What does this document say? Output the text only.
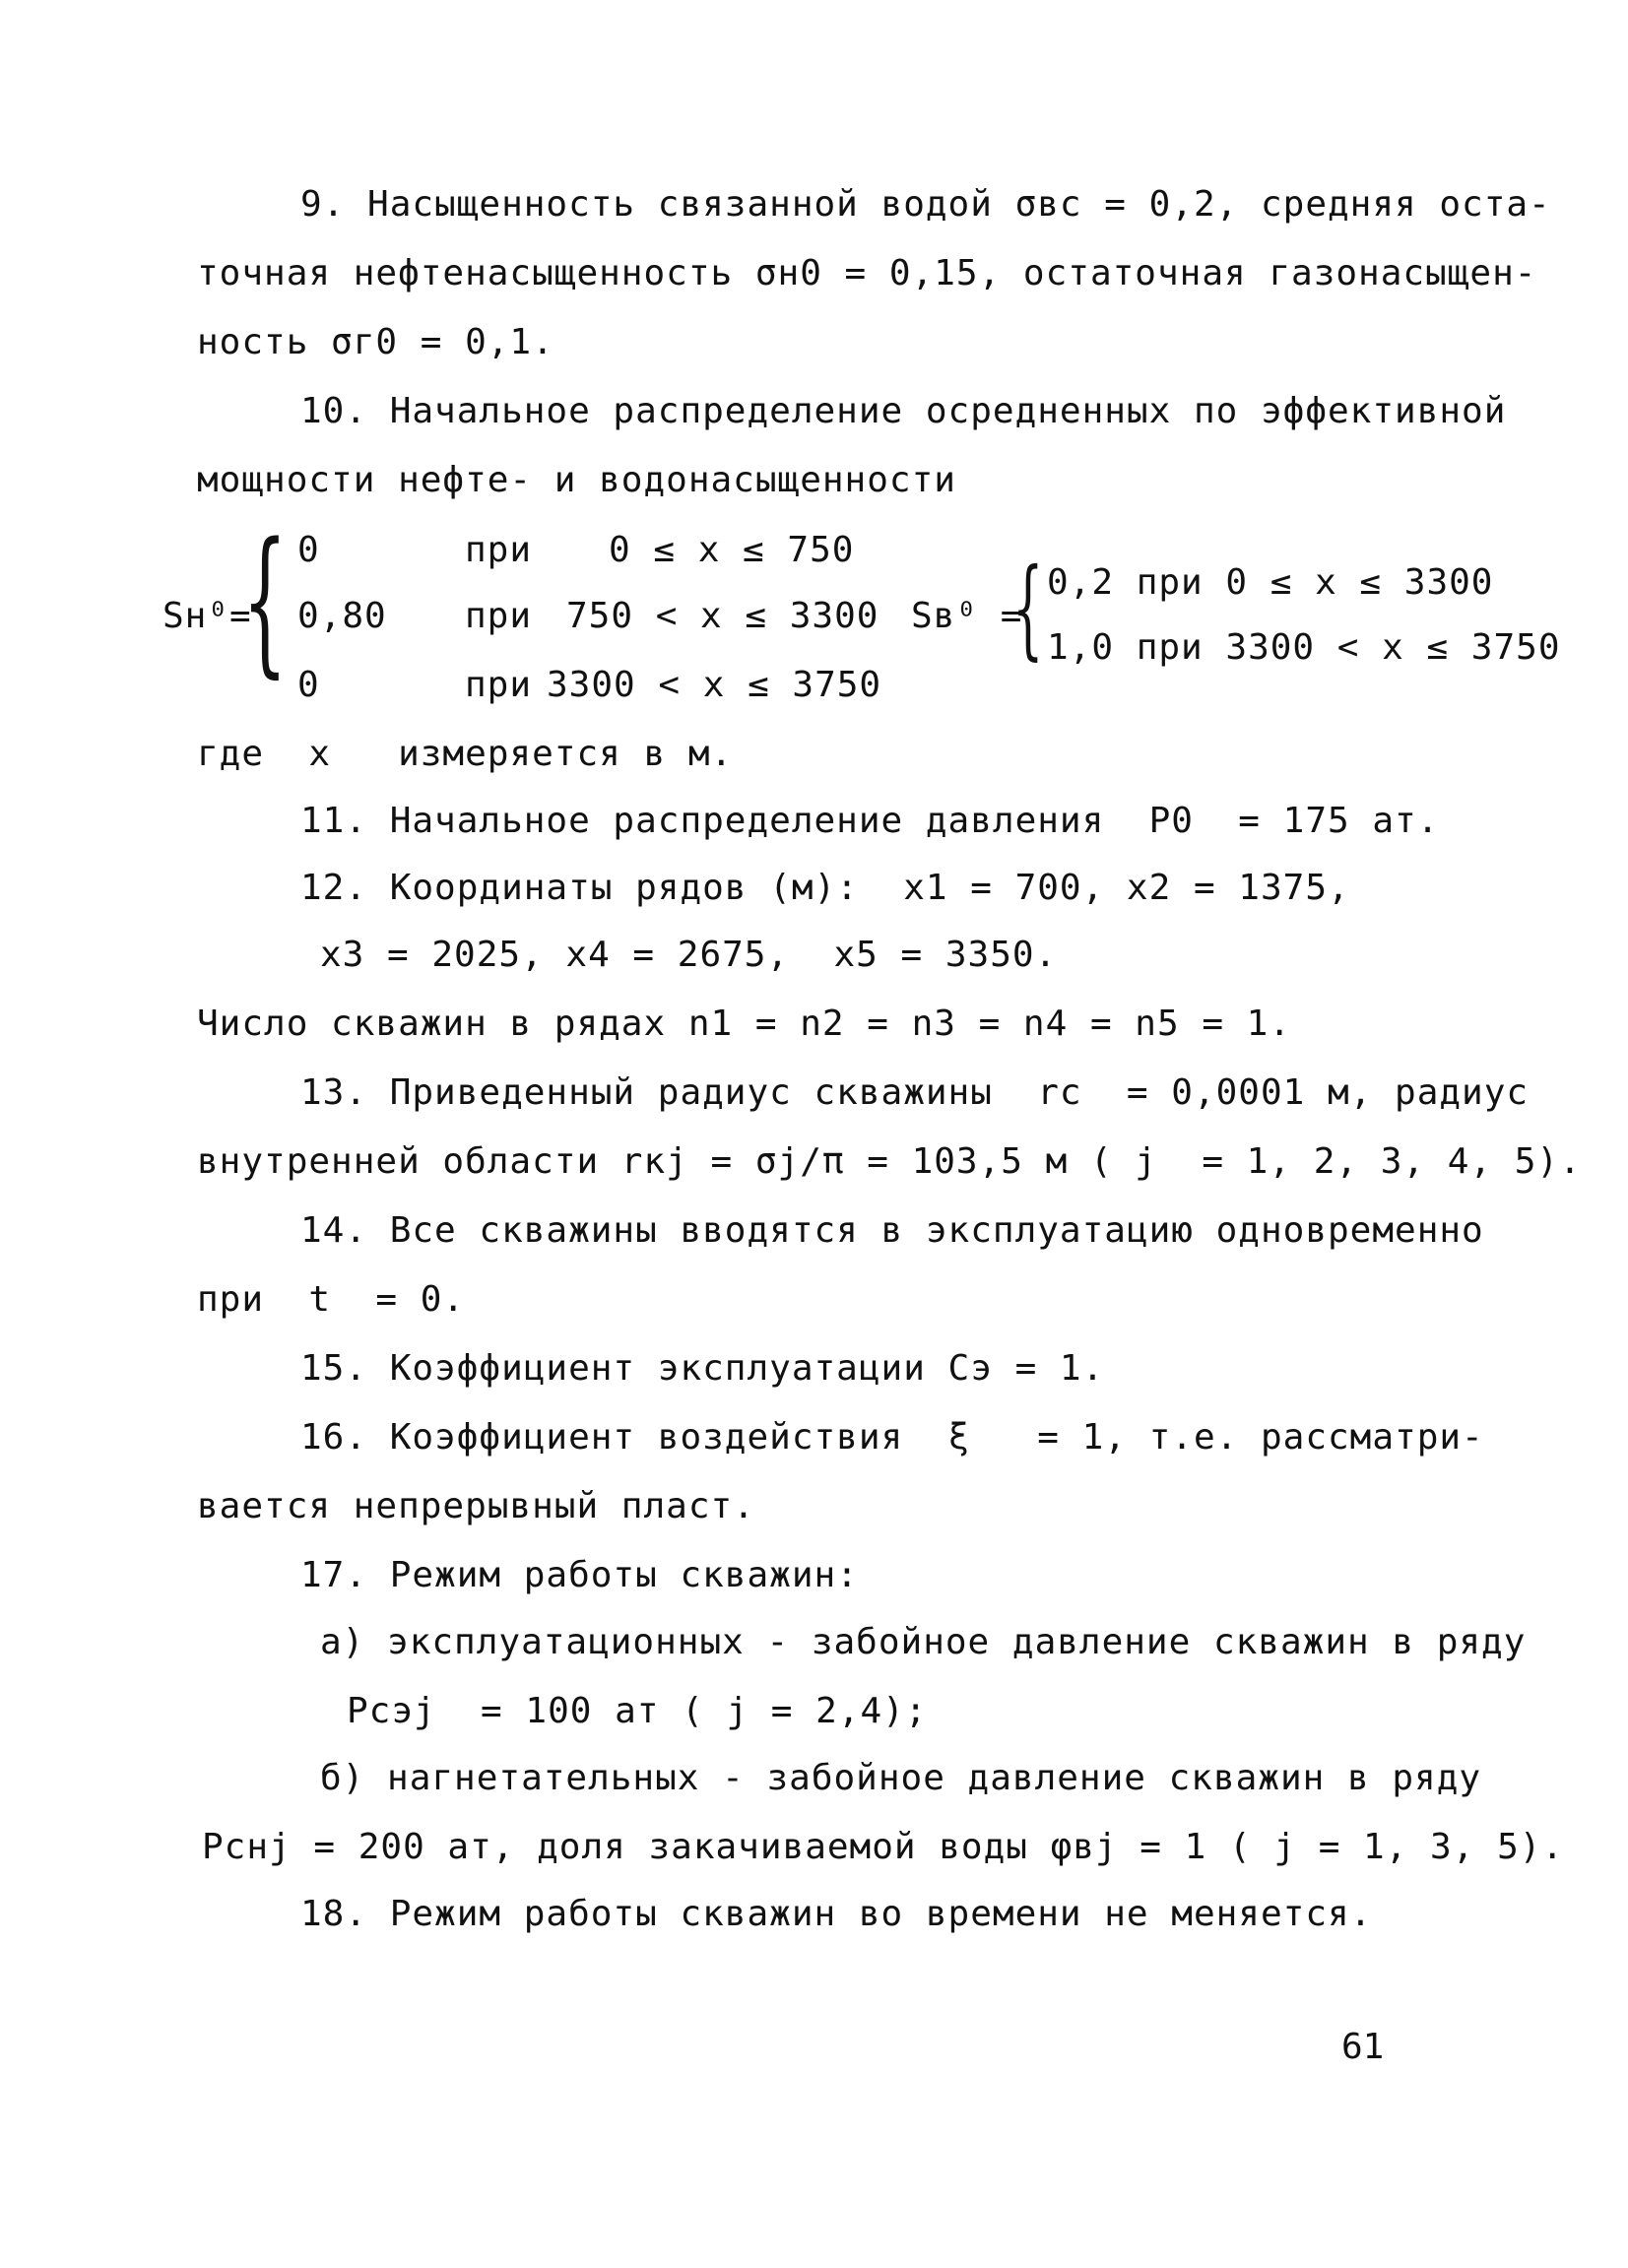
9. Насыщенность связанной водой σвс = 0,2, средняя оста-
точная нефтенасыщенность σн0 = 0,15, остаточная газонасыщен-
ность σг0 = 0,1.
10. Начальное распределение осредненных по эффективной
мощности нефте- и водонасыщенности
Sн⁰=
{ 0	при 0 ≤ x ≤ 750
0,80 при 750 < x ≤ 3300
0	при 3300 < x ≤ 3750
Sв⁰ =
{ 0,2 при 0 ≤ x ≤ 3300
1,0 при 3300 < x ≤ 3750
где  x   измеряется в м.
11. Начальное распределение давления  P0  = 175 ат.
12. Координаты рядов (м):  x1 = 700, x2 = 1375,
x3 = 2025, x4 = 2675,  x5 = 3350.
Число скважин в рядах n1 = n2 = n3 = n4 = n5 = 1.
13. Приведенный радиус скважины  rс  = 0,0001 м, радиус
внутренней области rкj = σj/π = 103,5 м ( j  = 1, 2, 3, 4, 5).
14. Все скважины вводятся в эксплуатацию одновременно
при  t  = 0.
15. Коэффициент эксплуатации Сэ = 1.
16. Коэффициент воздействия  ξ   = 1, т.е. рассматри-
вается непрерывный пласт.
17. Режим работы скважин:
а) эксплуатационных - забойное давление скважин в ряду
Pсэj  = 100 ат ( j = 2,4);
б) нагнетательных - забойное давление скважин в ряду
Pснj = 200 ат, доля закачиваемой воды φвj = 1 ( j = 1, 3, 5).
18. Режим работы скважин во времени не меняется.
61
